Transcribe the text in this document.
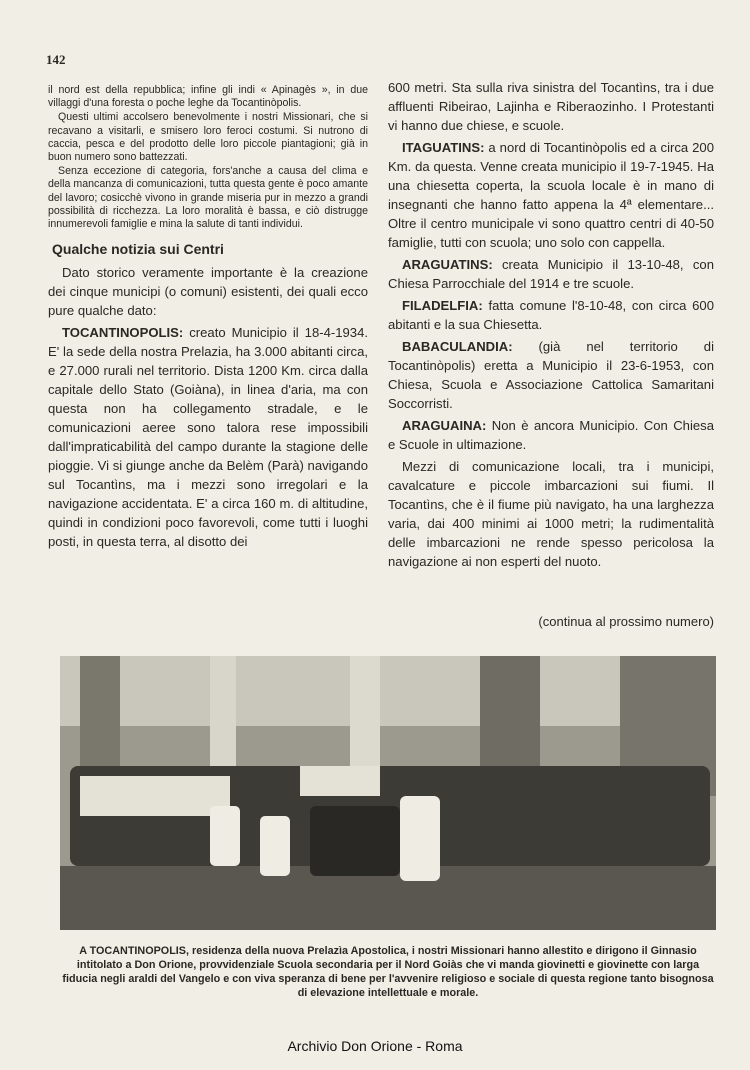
142

il nord est della repubblica; infine gli indi « Apinagès », in due villaggi d'una foresta o poche leghe da Tocantinòpolis.

Questi ultimi accolsero benevolmente i nostri Missionari, che si recavano a visitarli, e smisero loro feroci costumi. Si nutrono di caccia, pesca e del prodotto delle loro piccole piantagioni; già in buon numero sono battezzati.

Senza eccezione di categoria, fors'anche a causa del clima e della mancanza di comunicazioni, tutta questa gente è poco amante del lavoro; cosicchè vivono in grande miseria pur in mezzo a grandi possibilità di ricchezza. La loro moralità è bassa, e ciò distrugge innumerevoli famiglie e mina la salute di tanti individui.

Qualche notizia sui Centri

Dato storico veramente importante è la creazione dei cinque municipi (o comuni) esistenti, dei quali ecco pure qualche dato:

TOCANTINOPOLIS: creato Municipio il 18-4-1934. E' la sede della nostra Prelazia, ha 3.000 abitanti circa, e 27.000 rurali nel territorio. Dista 1200 Km. circa dalla capitale dello Stato (Goiàna), in linea d'aria, ma con questa non ha collegamento stradale, e le comunicazioni aeree sono talora rese impossibili dall'impraticabilità del campo durante la stagione delle pioggie. Vi si giunge anche da Belèm (Parà) navigando sul Tocantìns, ma i mezzi sono irregolari e la navigazione accidentata. E' a circa 160 m. di altitudine, quindi in condizioni poco favorevoli, come tutti i luoghi posti, in questa terra, al disotto dei

600 metri. Sta sulla riva sinistra del Tocantìns, tra i due affluenti Ribeirao, Lajinha e Riberaozinho. I Protestanti vi hanno due chiese, e scuole.

ITAGUATINS: a nord di Tocantinòpolis ed a circa 200 Km. da questa. Venne creata municipio il 19-7-1945. Ha una chiesetta coperta, la scuola locale è in mano di insegnanti che hanno fatto appena la 4ª elementare... Oltre il centro municipale vi sono quattro centri di 40-50 famiglie, tutti con scuola; uno solo con cappella.

ARAGUATINS: creata Municipio il 13-10-48, con Chiesa Parrocchiale del 1914 e tre scuole.

FILADELFIA: fatta comune l'8-10-48, con circa 600 abitanti e la sua Chiesetta.

BABACULANDIA: (già nel territorio di Tocantinòpolis) eretta a Municipio il 23-6-1953, con Chiesa, Scuola e Associazione Cattolica Samaritani Soccorristi.

ARAGUAINA: Non è ancora Municipio. Con Chiesa e Scuole in ultimazione.

Mezzi di comunicazione locali, tra i municipi, cavalcature e piccole imbarcazioni sui fiumi. Il Tocantìns, che è il fiume più navigato, ha una larghezza varia, dai 400 minimi ai 1000 metri; la rudimentalità delle imbarcazioni ne rende spesso pericolosa la navigazione ai non esperti del nuoto.

(continua al prossimo numero)
A TOCANTINOPOLIS, residenza della nuova Prelazìa Apostolica, i nostri Missionari hanno allestito e dirigono il Ginnasio intitolato a Don Orione, provvidenziale Scuola secondaria per il Nord Goiàs che vi manda giovinetti e giovinette con larga fiducia negli araldi del Vangelo e con viva speranza di bene per l'avvenire religioso e sociale di questa regione tanto bisognosa di elevazione intellettuale e morale.
Archivio Don Orione - Roma
